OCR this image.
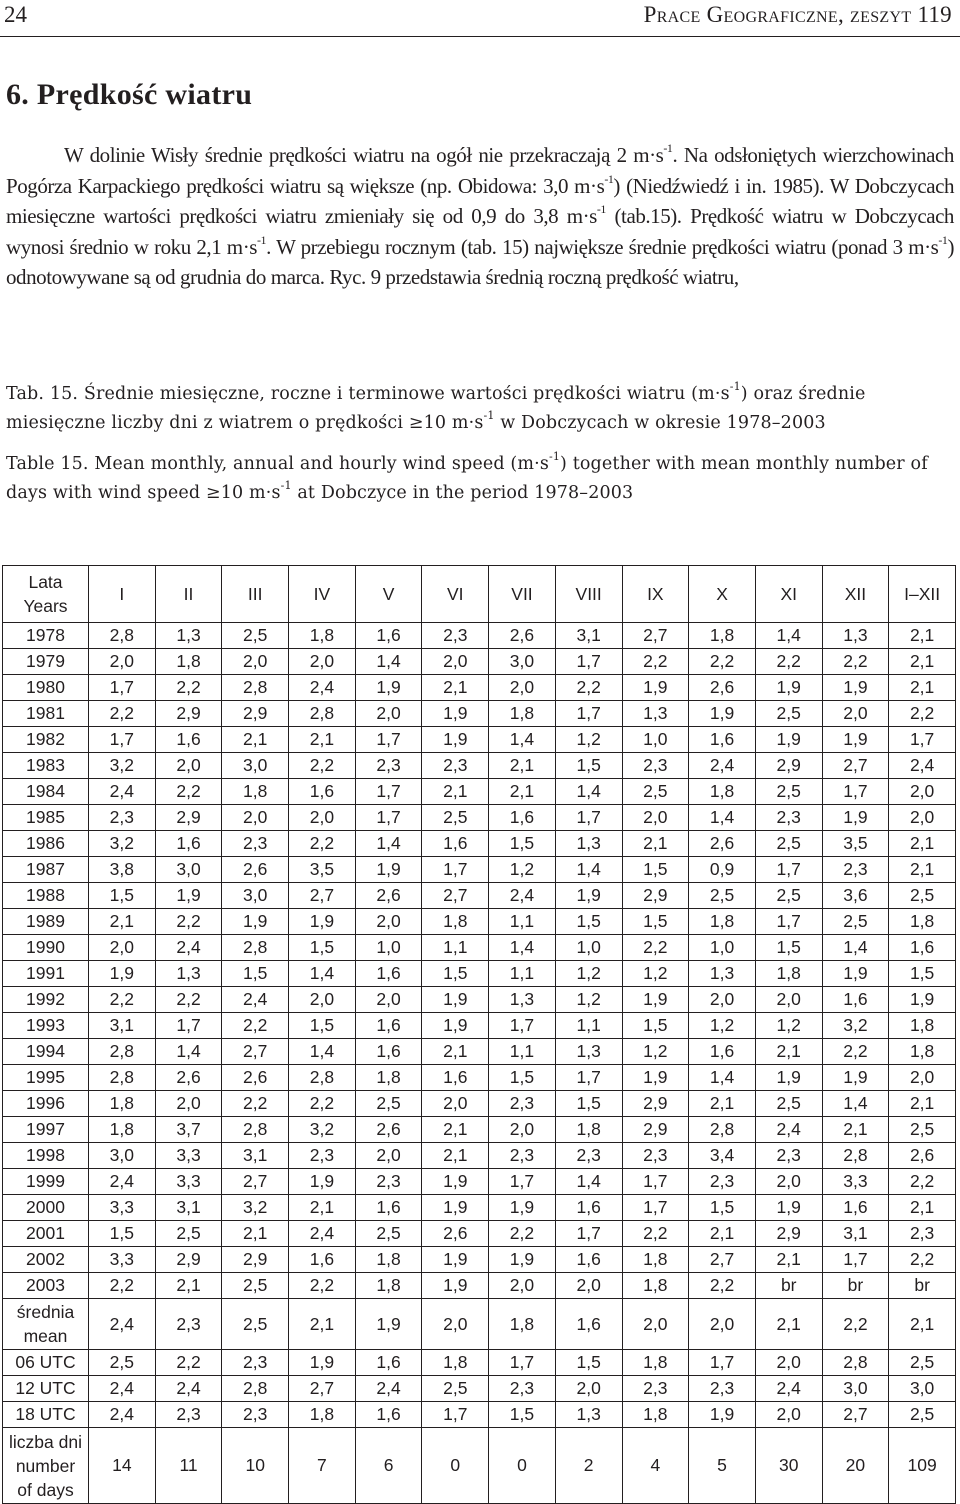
24	Prace Geograficzne, zeszyt 119
6. Prędkość wiatru

W dolinie Wisły średnie prędkości wiatru na ogół nie przekraczają 2 $m\cdot s^{-1}$. Na odsłoniętych wierzchowinach Pogórza Karpackiego prędkości wiatru są większe (np. Obidowa: 3,0 $m\cdot s^{-1}$) (Niedźwiedź i in. 1985). W Dobczycach miesięczne wartości prędkości wiatru zmieniały się od 0,9 do 3,8 $m\cdot s^{-1}$ (tab.15). Prędkość wiatru w Dobczycach wynosi średnio w roku 2,1 $m\cdot s^{-1}$. W przebiegu rocznym (tab. 15) największe średnie prędkości wiatru (ponad 3 $m\cdot s^{-1}$) odnotowywane są od grudnia do marca. Ryc. 9 przedstawia średnią roczną prędkość wiatru,

Tab. 15. Średnie miesięczne, roczne i terminowe wartości prędkości wiatru $(m\cdot s^{-1})$ oraz średnie miesięczne liczby dni z wiatrem o prędkości ≥10 $m\cdot s^{-1}$ w Dobczycach w okresie 1978–2003

Table 15. Mean monthly, annual and hourly wind speed $(m\cdot s^{-1})$ together with mean monthly number of days with wind speed ≥10 $m\cdot s^{-1}$ at Dobczyce in the period 1978–2003

Lata
Years	I	II	III	IV	V	VI	VII	VIII	IX	X	XI	XII	I–XII

1978	2,8	1,3	2,5	1,8	1,6	2,3	2,6	3,1	2,7	1,8	1,4	1,3	2,1

1979	2,0	1,8	2,0	2,0	1,4	2,0	3,0	1,7	2,2	2,2	2,2	2,2	2,1

1980	1,7	2,2	2,8	2,4	1,9	2,1	2,0	2,2	1,9	2,6	1,9	1,9	2,1

1981	2,2	2,9	2,9	2,8	2,0	1,9	1,8	1,7	1,3	1,9	2,5	2,0	2,2

1982	1,7	1,6	2,1	2,1	1,7	1,9	1,4	1,2	1,0	1,6	1,9	1,9	1,7

1983	3,2	2,0	3,0	2,2	2,3	2,3	2,1	1,5	2,3	2,4	2,9	2,7	2,4

1984	2,4	2,2	1,8	1,6	1,7	2,1	2,1	1,4	2,5	1,8	2,5	1,7	2,0

1985	2,3	2,9	2,0	2,0	1,7	2,5	1,6	1,7	2,0	1,4	2,3	1,9	2,0

1986	3,2	1,6	2,3	2,2	1,4	1,6	1,5	1,3	2,1	2,6	2,5	3,5	2,1

1987	3,8	3,0	2,6	3,5	1,9	1,7	1,2	1,4	1,5	0,9	1,7	2,3	2,1

1988	1,5	1,9	3,0	2,7	2,6	2,7	2,4	1,9	2,9	2,5	2,5	3,6	2,5

1989	2,1	2,2	1,9	1,9	2,0	1,8	1,1	1,5	1,5	1,8	1,7	2,5	1,8

1990	2,0	2,4	2,8	1,5	1,0	1,1	1,4	1,0	2,2	1,0	1,5	1,4	1,6

1991	1,9	1,3	1,5	1,4	1,6	1,5	1,1	1,2	1,2	1,3	1,8	1,9	1,5

1992	2,2	2,2	2,4	2,0	2,0	1,9	1,3	1,2	1,9	2,0	2,0	1,6	1,9

1993	3,1	1,7	2,2	1,5	1,6	1,9	1,7	1,1	1,5	1,2	1,2	3,2	1,8

1994	2,8	1,4	2,7	1,4	1,6	2,1	1,1	1,3	1,2	1,6	2,1	2,2	1,8

1995	2,8	2,6	2,6	2,8	1,8	1,6	1,5	1,7	1,9	1,4	1,9	1,9	2,0

1996	1,8	2,0	2,2	2,2	2,5	2,0	2,3	1,5	2,9	2,1	2,5	1,4	2,1

1997	1,8	3,7	2,8	3,2	2,6	2,1	2,0	1,8	2,9	2,8	2,4	2,1	2,5

1998	3,0	3,3	3,1	2,3	2,0	2,1	2,3	2,3	2,3	3,4	2,3	2,8	2,6

1999	2,4	3,3	2,7	1,9	2,3	1,9	1,7	1,4	1,7	2,3	2,0	3,3	2,2

2000	3,3	3,1	3,2	2,1	1,6	1,9	1,9	1,6	1,7	1,5	1,9	1,6	2,1

2001	1,5	2,5	2,1	2,4	2,5	2,6	2,2	1,7	2,2	2,1	2,9	3,1	2,3

2002	3,3	2,9	2,9	1,6	1,8	1,9	1,9	1,6	1,8	2,7	2,1	1,7	2,2

2003	2,2	2,1	2,5	2,2	1,8	1,9	2,0	2,0	1,8	2,2	br	br	br

średnia
mean	2,4	2,3	2,5	2,1	1,9	2,0	1,8	1,6	2,0	2,0	2,1	2,2	2,1

06 UTC	2,5	2,2	2,3	1,9	1,6	1,8	1,7	1,5	1,8	1,7	2,0	2,8	2,5

12 UTC	2,4	2,4	2,8	2,7	2,4	2,5	2,3	2,0	2,3	2,3	2,4	3,0	3,0

18 UTC	2,4	2,3	2,3	1,8	1,6	1,7	1,5	1,3	1,8	1,9	2,0	2,7	2,5

liczba dni
number
of days	14	11	10	7	6	0	0	2	4	5	30	20	109
